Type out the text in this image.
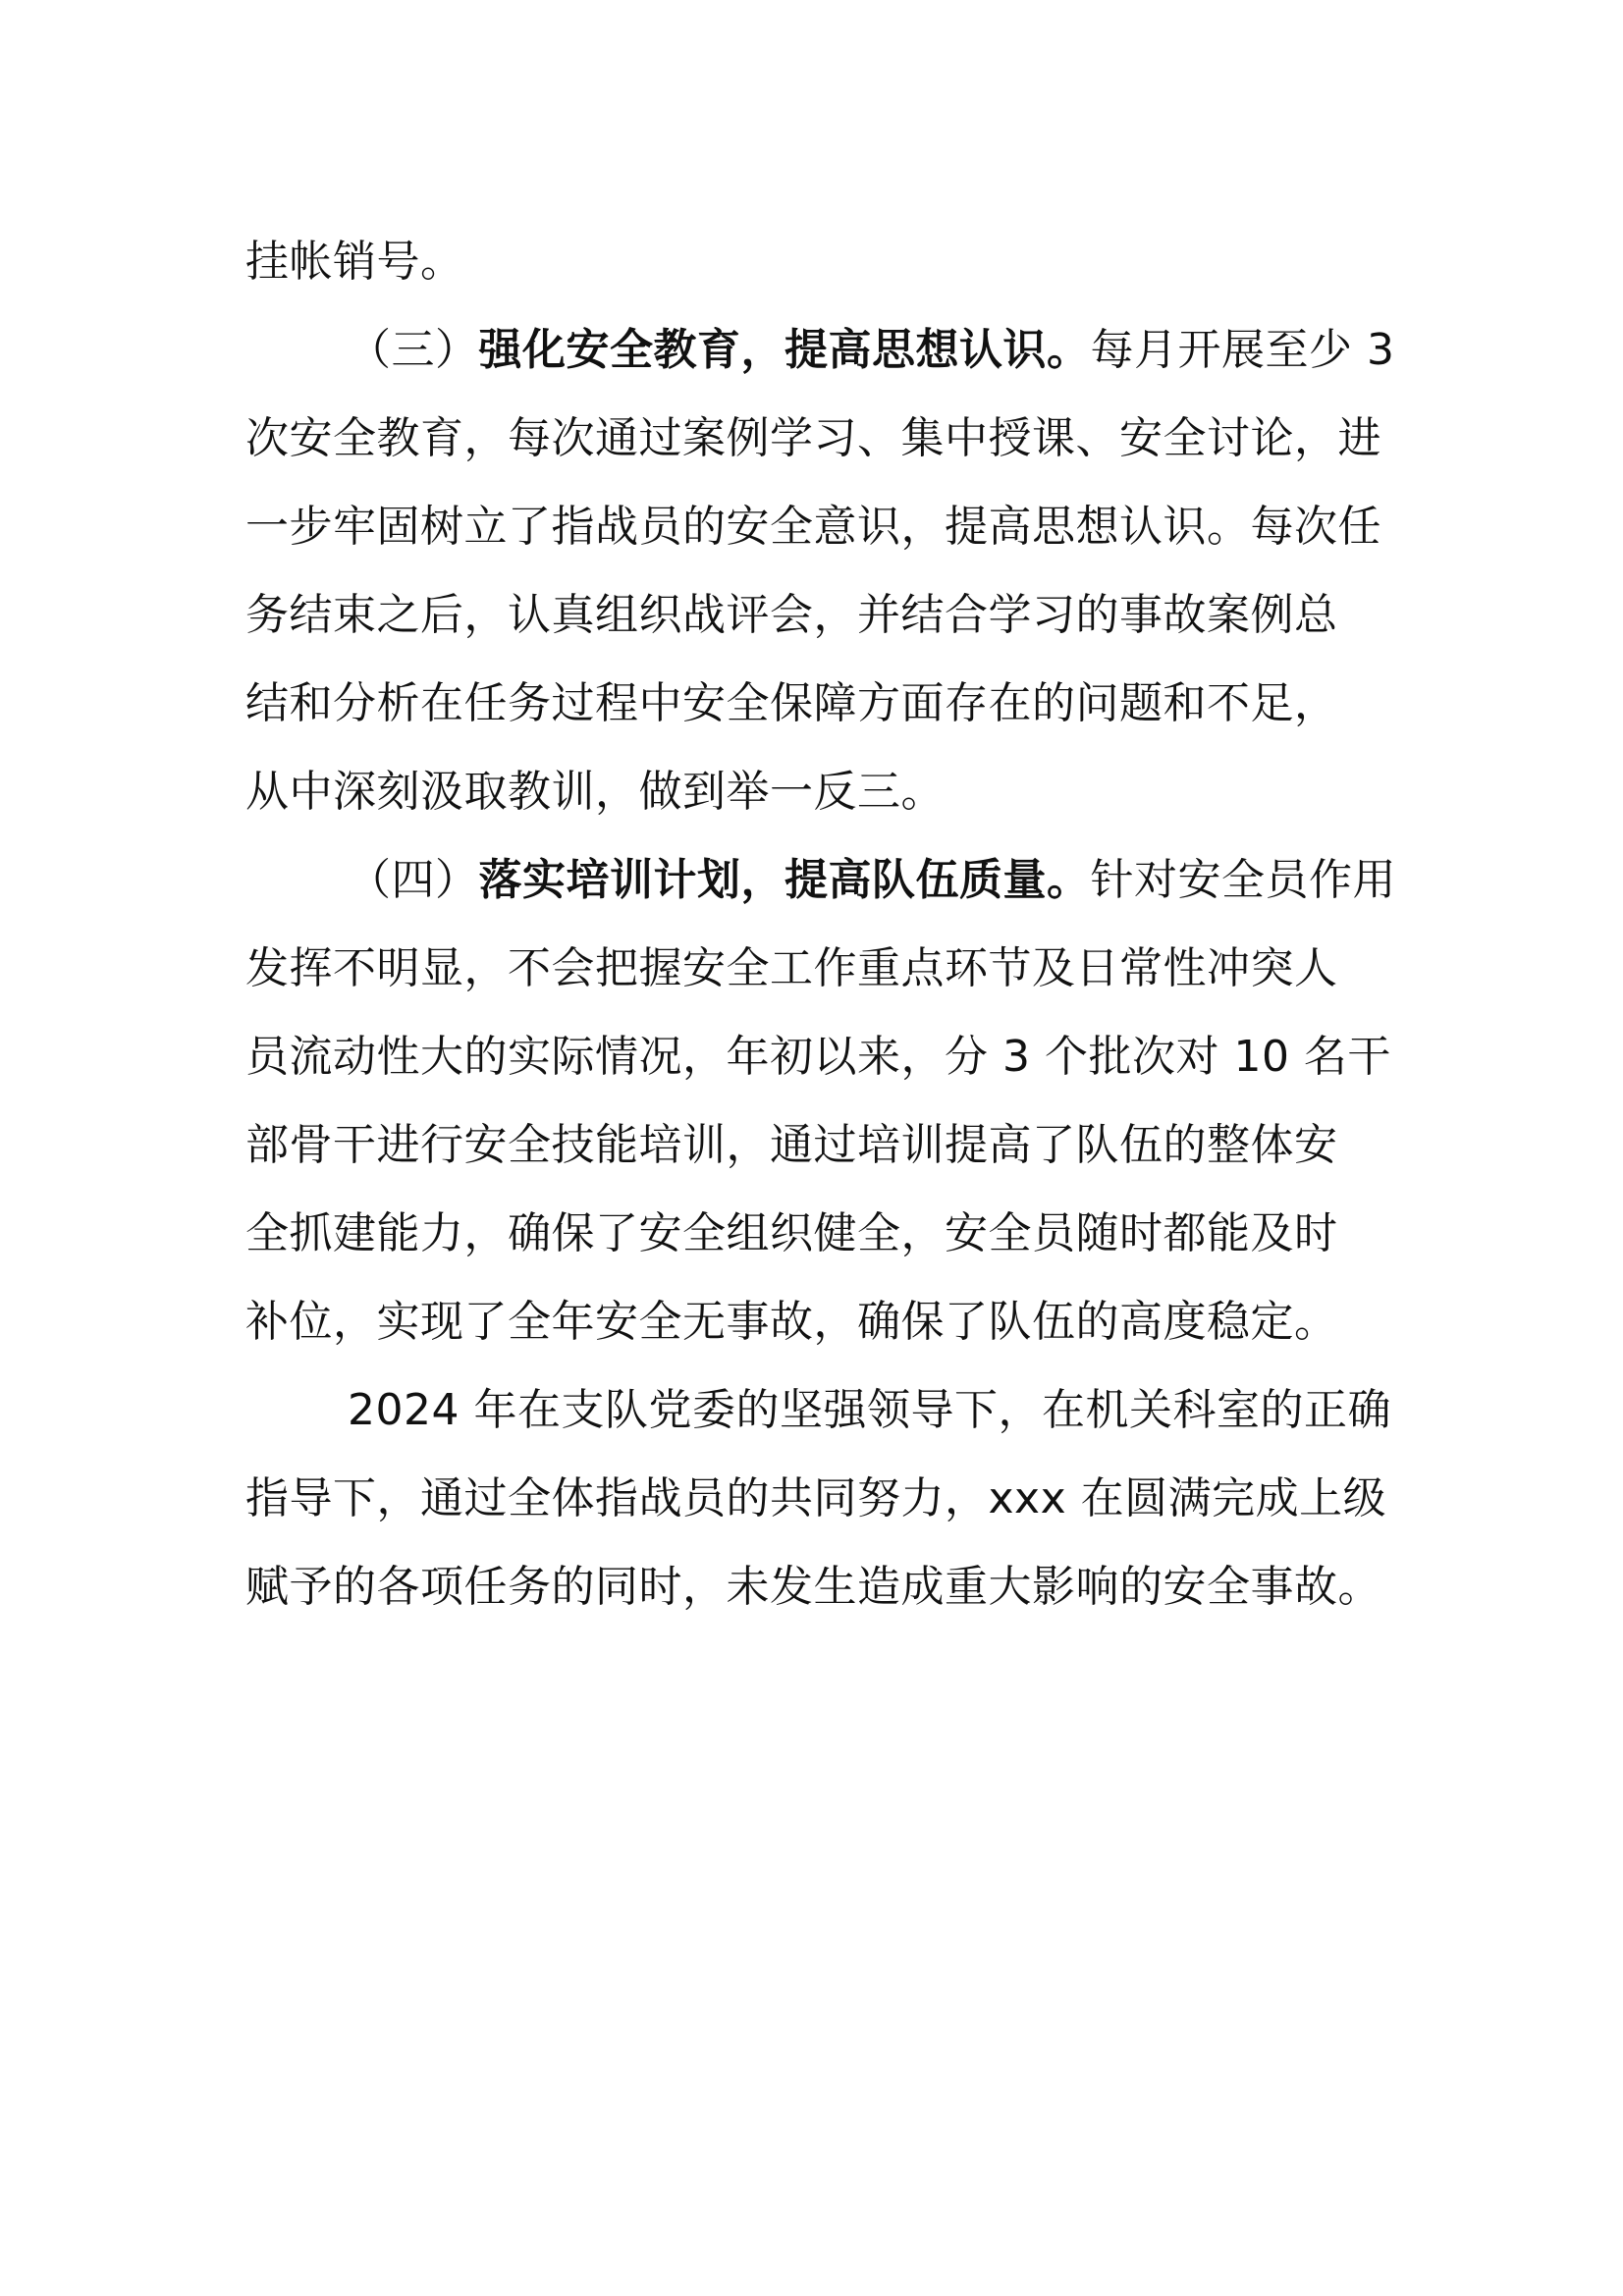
挂帐销号。
（三）强化安全教育，提高思想认识。每月开展至少 3
次安全教育，每次通过案例学习、集中授课、安全讨论，进
一步牢固树立了指战员的安全意识，提高思想认识。每次任
务结束之后，认真组织战评会，并结合学习的事故案例总
结和分析在任务过程中安全保障方面存在的问题和不足，
从中深刻汲取教训，做到举一反三。
（四）落实培训计划，提高队伍质量。针对安全员作用
发挥不明显，不会把握安全工作重点环节及日常性冲突人
员流动性大的实际情况，年初以来，分 3 个批次对 10 名干
部骨干进行安全技能培训，通过培训提高了队伍的整体安
全抓建能力，确保了安全组织健全，安全员随时都能及时
补位，实现了全年安全无事故，确保了队伍的高度稳定。
2024 年在支队党委的坚强领导下，在机关科室的正确
指导下，通过全体指战员的共同努力，xxx 在圆满完成上级
赋予的各项任务的同时，未发生造成重大影响的安全事故。
